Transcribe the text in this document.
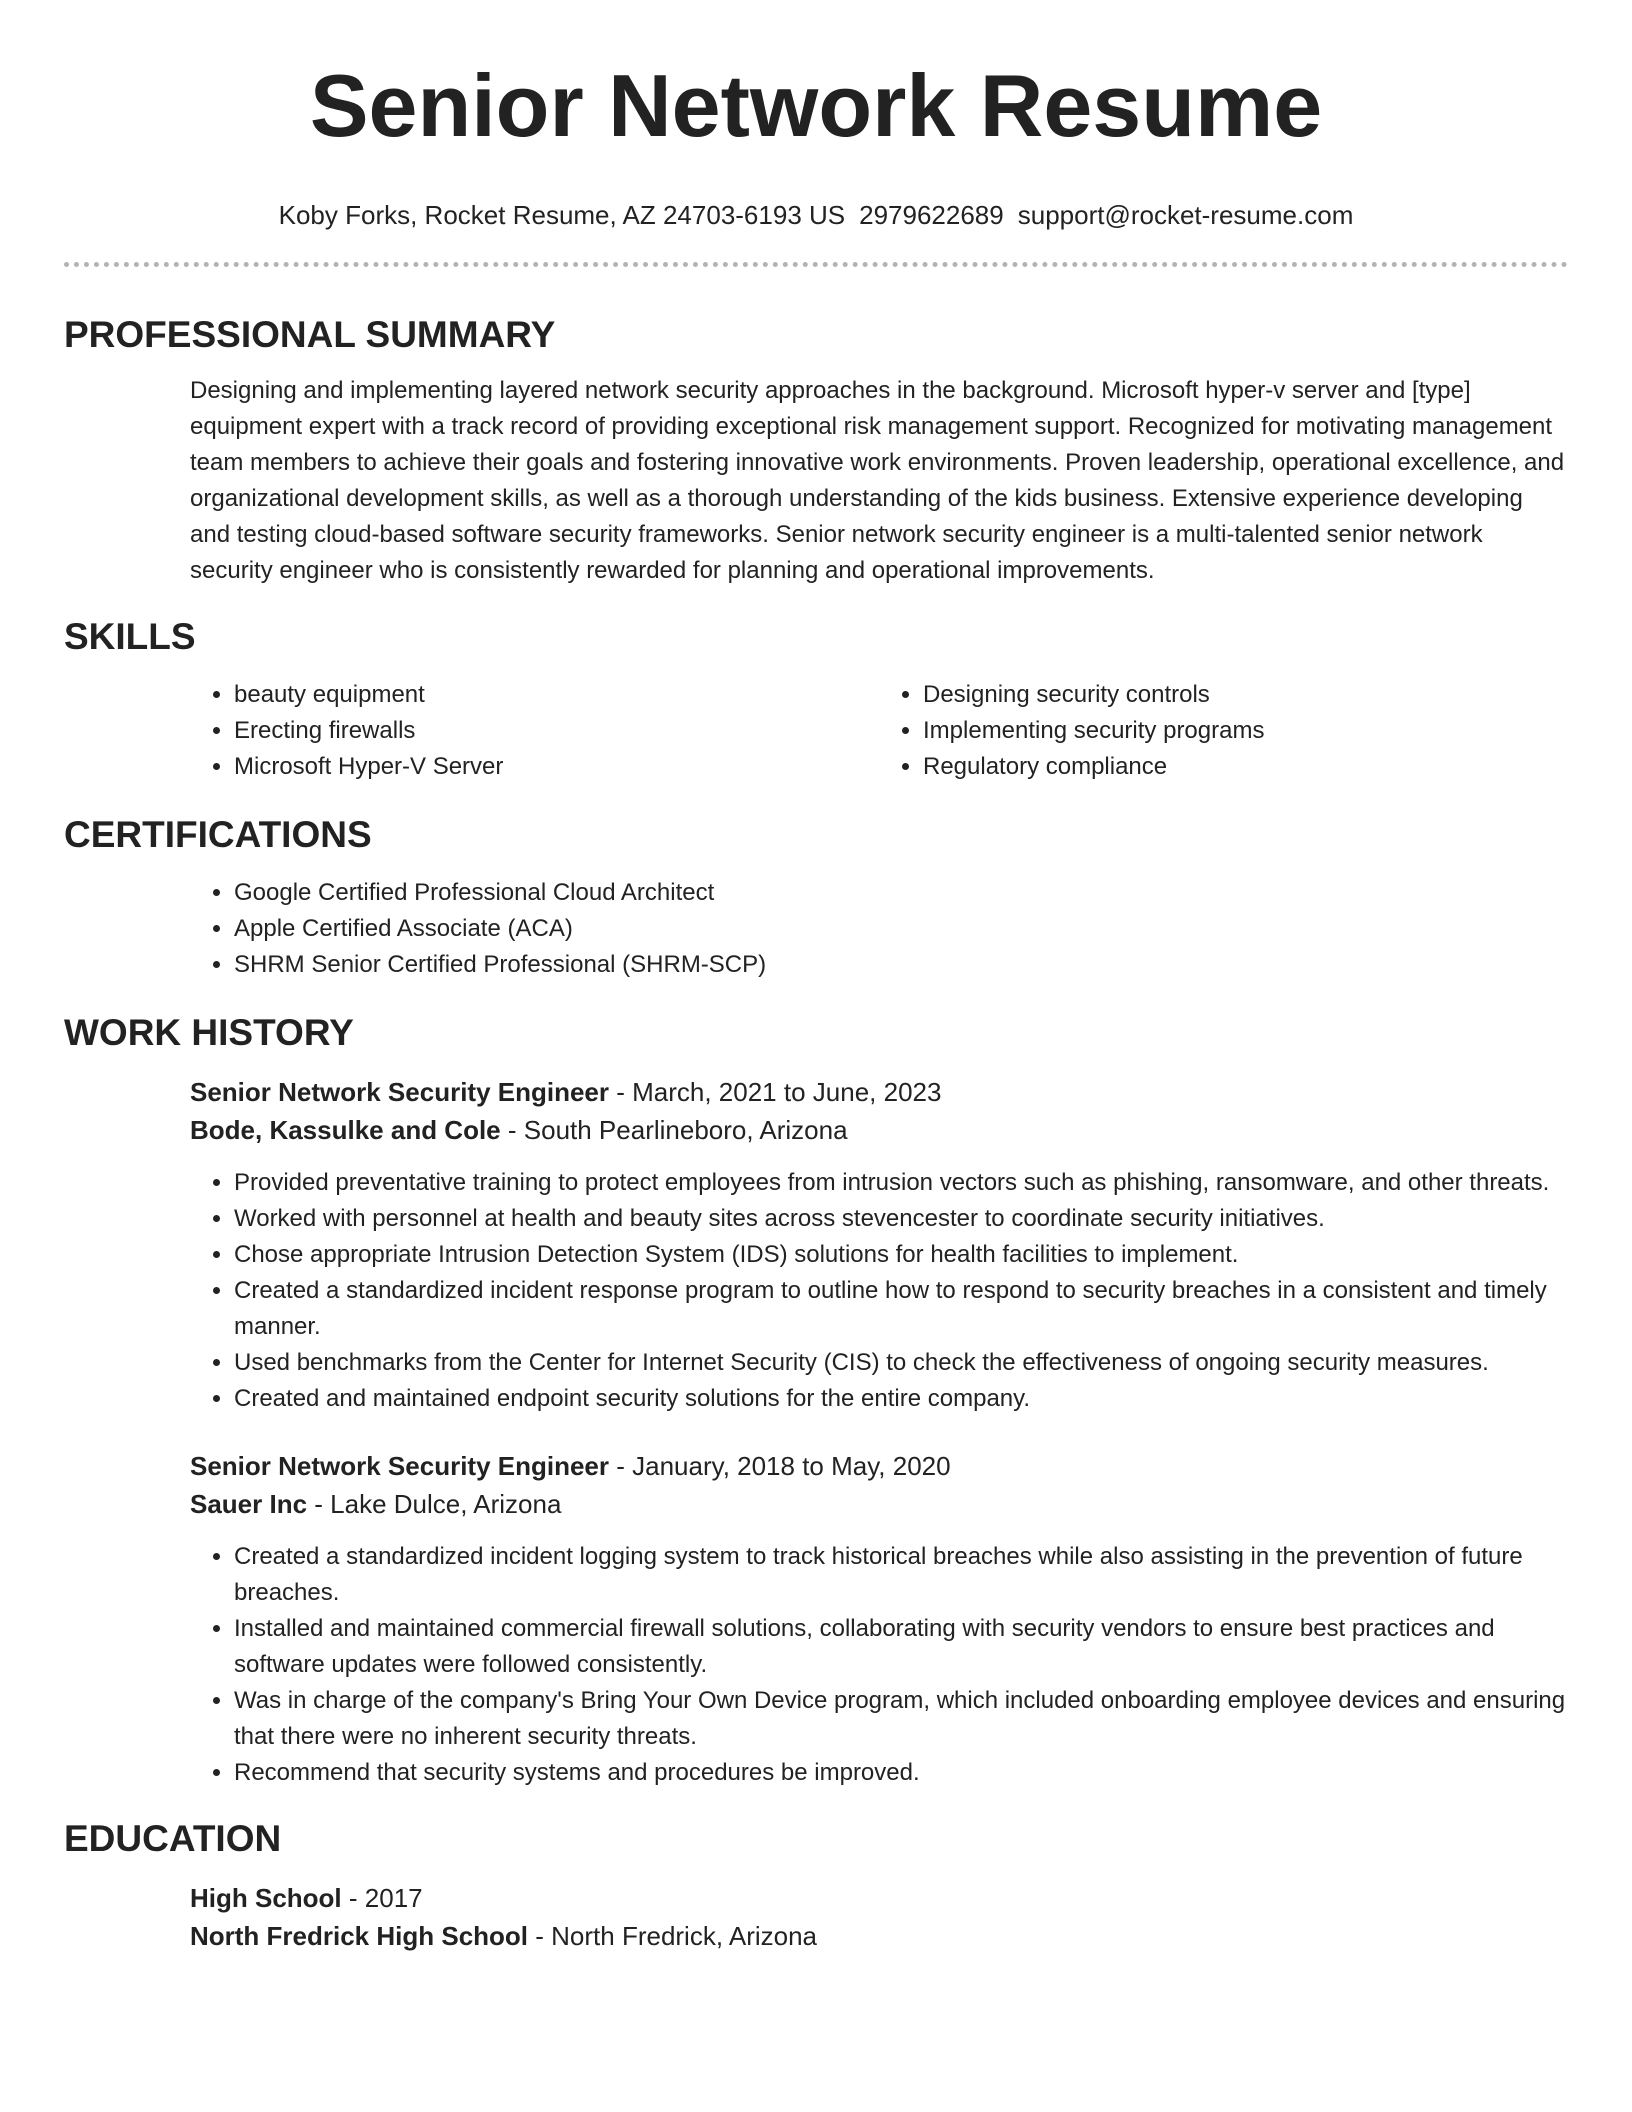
Senior Network Resume
Koby Forks, Rocket Resume, AZ 24703-6193 US 2979622689 support@rocket-resume.com
PROFESSIONAL SUMMARY
Designing and implementing layered network security approaches in the background. Microsoft hyper-v server and [type] equipment expert with a track record of providing exceptional risk management support. Recognized for motivating management team members to achieve their goals and fostering innovative work environments. Proven leadership, operational excellence, and organizational development skills, as well as a thorough understanding of the kids business. Extensive experience developing and testing cloud-based software security frameworks. Senior network security engineer is a multi-talented senior network security engineer who is consistently rewarded for planning and operational improvements.
SKILLS
• beauty equipment
• Erecting firewalls
• Microsoft Hyper-V Server
• Designing security controls
• Implementing security programs
• Regulatory compliance
CERTIFICATIONS
• Google Certified Professional Cloud Architect
• Apple Certified Associate (ACA)
• SHRM Senior Certified Professional (SHRM-SCP)
WORK HISTORY
Senior Network Security Engineer - March, 2021 to June, 2023
Bode, Kassulke and Cole - South Pearlineboro, Arizona
• Provided preventative training to protect employees from intrusion vectors such as phishing, ransomware, and other threats.
• Worked with personnel at health and beauty sites across stevencester to coordinate security initiatives.
• Chose appropriate Intrusion Detection System (IDS) solutions for health facilities to implement.
• Created a standardized incident response program to outline how to respond to security breaches in a consistent and timely manner.
• Used benchmarks from the Center for Internet Security (CIS) to check the effectiveness of ongoing security measures.
• Created and maintained endpoint security solutions for the entire company.
Senior Network Security Engineer - January, 2018 to May, 2020
Sauer Inc - Lake Dulce, Arizona
• Created a standardized incident logging system to track historical breaches while also assisting in the prevention of future breaches.
• Installed and maintained commercial firewall solutions, collaborating with security vendors to ensure best practices and software updates were followed consistently.
• Was in charge of the company's Bring Your Own Device program, which included onboarding employee devices and ensuring that there were no inherent security threats.
• Recommend that security systems and procedures be improved.
EDUCATION
High School - 2017
North Fredrick High School - North Fredrick, Arizona
